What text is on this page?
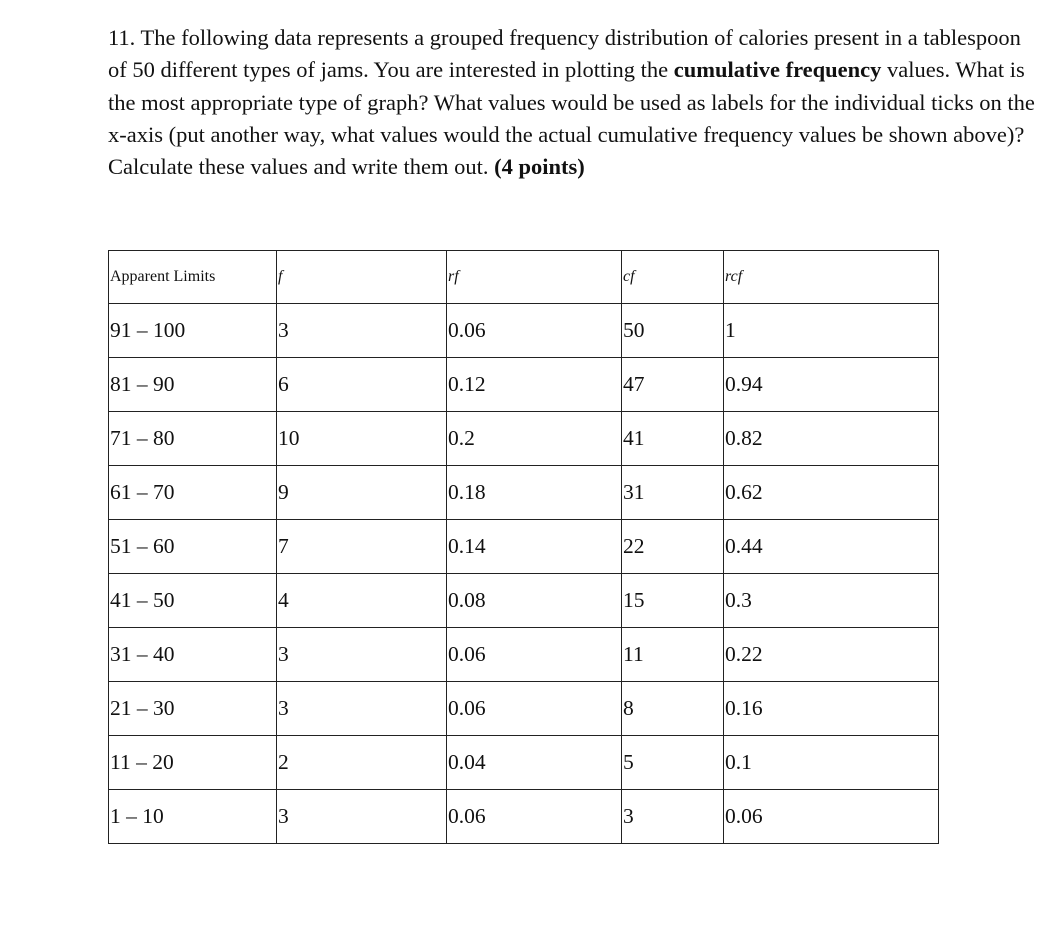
11. The following data represents a grouped frequency distribution of calories present in a tablespoon of 50 different types of jams. You are interested in plotting the cumulative frequency values. What is the most appropriate type of graph? What values would be used as labels for the individual ticks on the x-axis (put another way, what values would the actual cumulative frequency values be shown above)? Calculate these values and write them out. (4 points)

Apparent Limits	f	rf	cf	rcf
91 – 100	3	0.06	50	1
81 – 90	6	0.12	47	0.94
71 – 80	10	0.2	41	0.82
61 – 70	9	0.18	31	0.62
51 – 60	7	0.14	22	0.44
41 – 50	4	0.08	15	0.3
31 – 40	3	0.06	11	0.22
21 – 30	3	0.06	8	0.16
11 – 20	2	0.04	5	0.1
1 – 10	3	0.06	3	0.06
